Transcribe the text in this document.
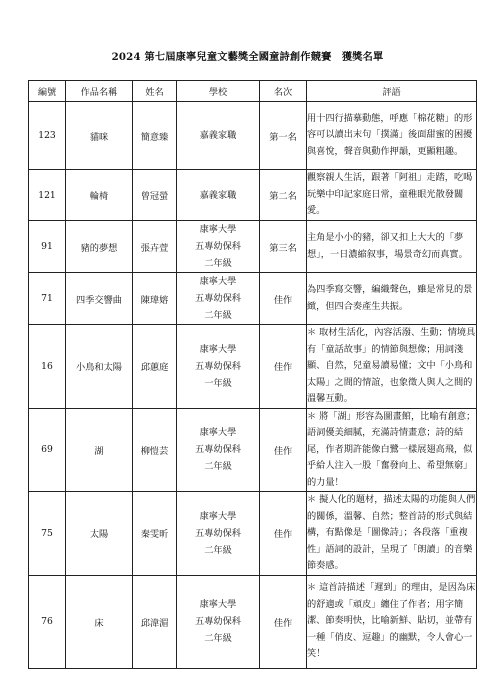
2024 第七屆康寧兒童文藝獎全國童詩創作競賽　獲獎名單
編號	作品名稱	姓名	學校	名次	評語
123	貓咪	簡意臻	嘉義家職	第一名	用十四行描摹動態，呼應「棉花糖」的形容可以讀出末句「撲滿」後面甜蜜的困擾與喜悅，聲音與動作押韻，更顯粗趣。
121	輪椅	曾冠螢	嘉義家職	第二名	觀察親人生活，跟著「阿祖」走踏，吃喝玩樂中印記家庭日常，童稚眼光散發關愛。
91	豬的夢想	張卉萱	康寧大學
五專幼保科
二年級	第三名	主角是小小的豬，卻又扣上大大的「夢想」，一日濃縮叙事，場景奇幻而真實。
71	四季交響曲	陳瑋嫆	康寧大學
五專幼保科
二年級	佳作	為四季寫交響，編織聲色，雖是常見的景緻，但四合奏產生共振。
16	小鳥和太陽	邱蕙庭	康寧大學
五專幼保科
一年級	佳作	＊ 取材生活化，內容活潑、生動；情境具有「童話故事」的情節與想像；用詞淺顯、自然，兒童易讀易懂；文中「小鳥和太陽」之間的情誼，也象徵人與人之間的溫馨互動。
69	湖	柳愷芸	康寧大學
五專幼保科
二年級	佳作	＊ 將「湖」形容為圖畫館，比喻有創意；語詞優美細膩，充滿詩情畫意；詩的結尾，作者期許能像白鷺一樣展翅高飛，似乎給人注入一股「奮發向上、希望無窮」的力量！
75	太陽	秦雯昕	康寧大學
五專幼保科
二年級	佳作	＊ 擬人化的題材，描述太陽的功能與人們的關係，溫馨、自然；整首詩的形式與結構，有點像是「圖像詩」；各段落「重複性」語詞的設計，呈現了「朗讀」的音樂節奏感。
76	床	邱湋湄	康寧大學
五專幼保科
二年級	佳作	＊ 這首詩描述「遲到」的理由，是因為床的舒適或「頑皮」纏住了作者；用字簡潔、節奏明快，比喻新鮮、貼切，並帶有一種「俏皮、逗趣」的幽默，令人會心一笑！
